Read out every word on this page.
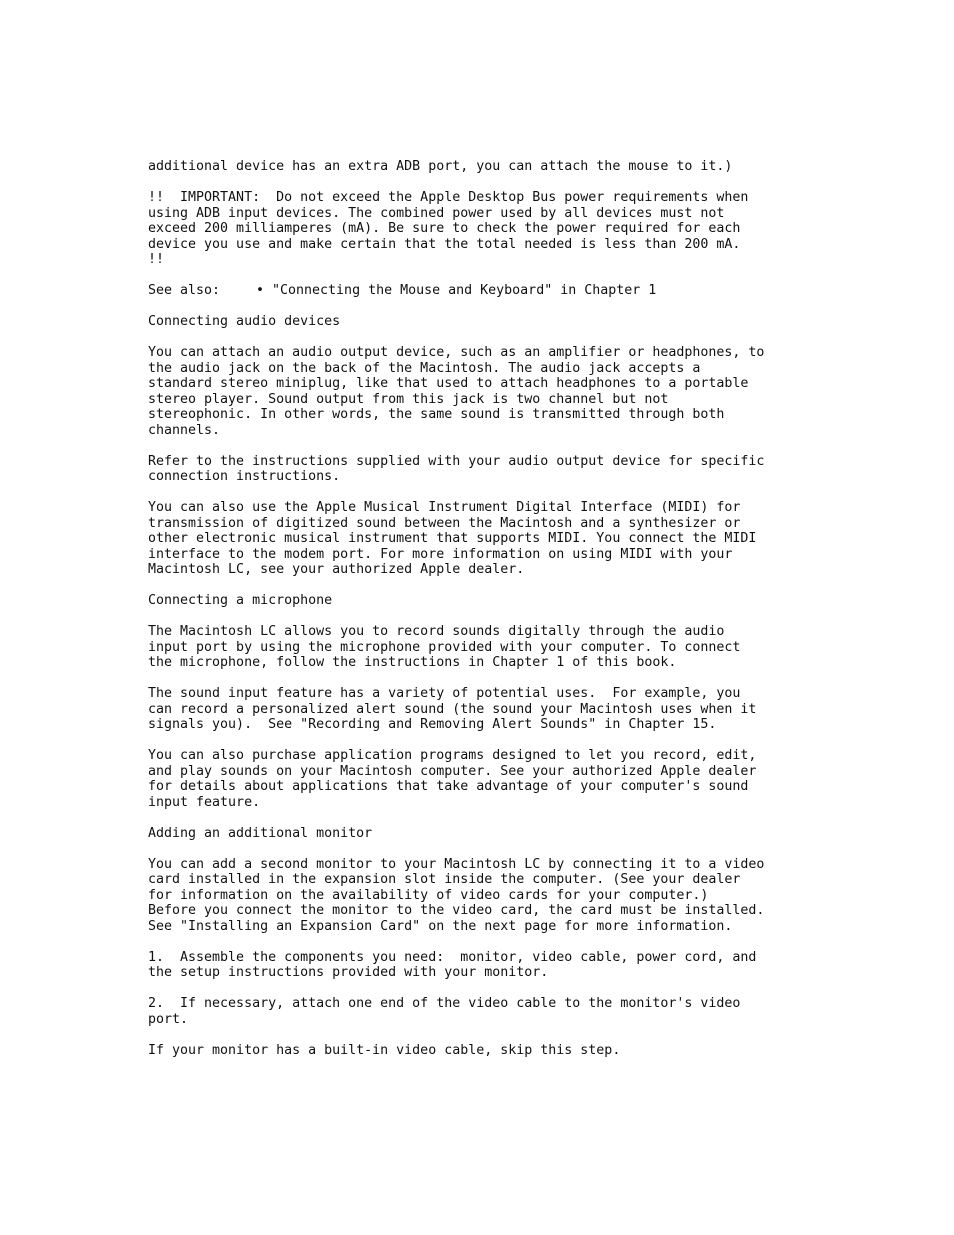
additional device has an extra ADB port, you can attach the mouse to it.)
!!  IMPORTANT:  Do not exceed the Apple Desktop Bus power requirements when
using ADB input devices. The combined power used by all devices must not
exceed 200 milliamperes (mA). Be sure to check the power required for each
device you use and make certain that the total needed is less than 200 mA.
!!
See also:	• "Connecting the Mouse and Keyboard" in Chapter 1
Connecting audio devices
You can attach an audio output device, such as an amplifier or headphones, to
the audio jack on the back of the Macintosh. The audio jack accepts a
standard stereo miniplug, like that used to attach headphones to a portable
stereo player. Sound output from this jack is two channel but not
stereophonic. In other words, the same sound is transmitted through both
channels.
Refer to the instructions supplied with your audio output device for specific
connection instructions.
You can also use the Apple Musical Instrument Digital Interface (MIDI) for
transmission of digitized sound between the Macintosh and a synthesizer or
other electronic musical instrument that supports MIDI. You connect the MIDI
interface to the modem port. For more information on using MIDI with your
Macintosh LC, see your authorized Apple dealer.
Connecting a microphone
The Macintosh LC allows you to record sounds digitally through the audio
input port by using the microphone provided with your computer. To connect
the microphone, follow the instructions in Chapter 1 of this book.
The sound input feature has a variety of potential uses.  For example, you
can record a personalized alert sound (the sound your Macintosh uses when it
signals you).  See "Recording and Removing Alert Sounds" in Chapter 15.
You can also purchase application programs designed to let you record, edit,
and play sounds on your Macintosh computer. See your authorized Apple dealer
for details about applications that take advantage of your computer's sound
input feature.
Adding an additional monitor
You can add a second monitor to your Macintosh LC by connecting it to a video
card installed in the expansion slot inside the computer. (See your dealer
for information on the availability of video cards for your computer.)
Before you connect the monitor to the video card, the card must be installed.
See "Installing an Expansion Card" on the next page for more information.
1.  Assemble the components you need:  monitor, video cable, power cord, and
the setup instructions provided with your monitor.
2.  If necessary, attach one end of the video cable to the monitor's video
port.
If your monitor has a built-in video cable, skip this step.
